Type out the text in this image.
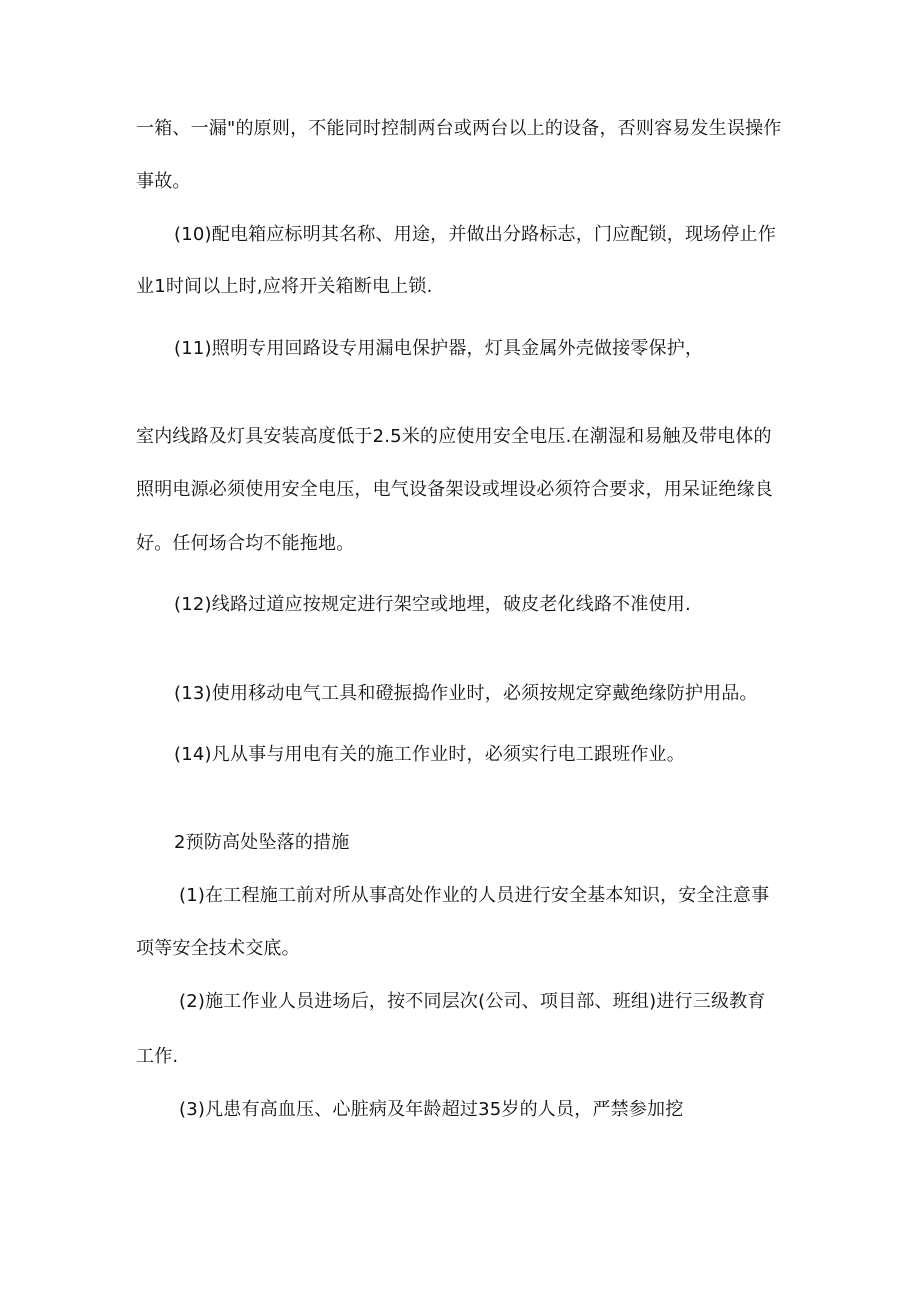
一箱、一漏"的原则，不能同时控制两台或两台以上的设备，否则容易发生误操作
事故。
(10)配电箱应标明其名称、用途，并做出分路标志，门应配锁，现场停止作
业1时间以上时,应将开关箱断电上锁.
(11)照明专用回路设专用漏电保护器，灯具金属外壳做接零保护，
室内线路及灯具安装高度低于2.5米的应使用安全电压.在潮湿和易触及带电体的
照明电源必须使用安全电压，电气设备架设或埋设必须符合要求，用呆证绝缘良
好。任何场合均不能拖地。
(12)线路过道应按规定进行架空或地埋，破皮老化线路不准使用.
(13)使用移动电气工具和磴振捣作业时，必须按规定穿戴绝缘防护用品。
(14)凡从事与用电有关的施工作业时，必须实行电工跟班作业。
2预防高处坠落的措施
(1)在工程施工前对所从事高处作业的人员进行安全基本知识，安全注意事
项等安全技术交底。
(2)施工作业人员进场后，按不同层次(公司、项目部、班组)进行三级教育
工作.
(3)凡患有高血压、心脏病及年龄超过35岁的人员，严禁参加挖
